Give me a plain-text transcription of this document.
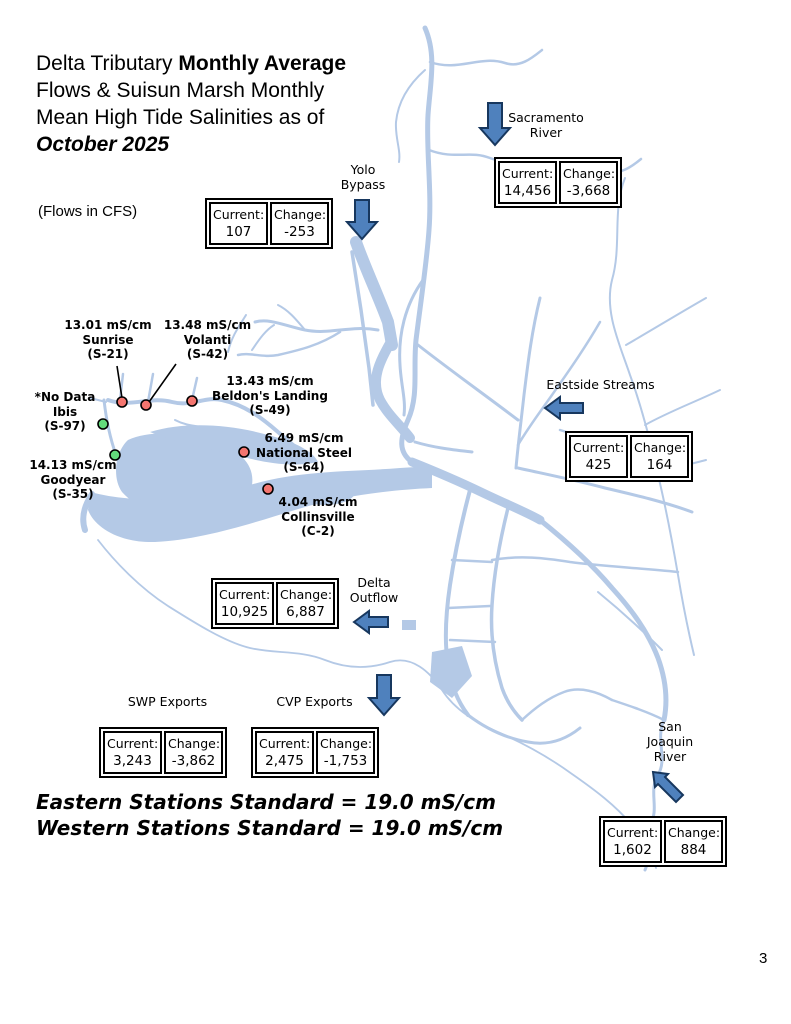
Delta Tributary Monthly Average
Flows & Suisun Marsh Monthly
Mean High Tide Salinities as of
October 2025
(Flows in CFS)
Yolo
Bypass
Sacramento
River
Eastside Streams
Delta
Outflow
SWP Exports	CVP Exports
San
Joaquin
River
Current:
107
Change:
-253
Current:
14,456
Change:
-3,668
Current:
425
Change:
164
Current:
10,925
Change:
6,887
Current:
3,243
Change:
-3,862
Current:
2,475
Change:
-1,753
Current:
1,602
Change:
884
13.01 mS/cm
Sunrise
(S-21)
13.48 mS/cm
Volanti
(S-42)
*No Data
Ibis
(S-97)
13.43 mS/cm
Beldon's Landing
(S-49)
14.13 mS/cm
Goodyear
(S-35)
6.49 mS/cm
National Steel
(S-64)
4.04 mS/cm
Collinsville
(C-2)
Eastern Stations Standard = 19.0 mS/cm
Western Stations Standard = 19.0 mS/cm
3
